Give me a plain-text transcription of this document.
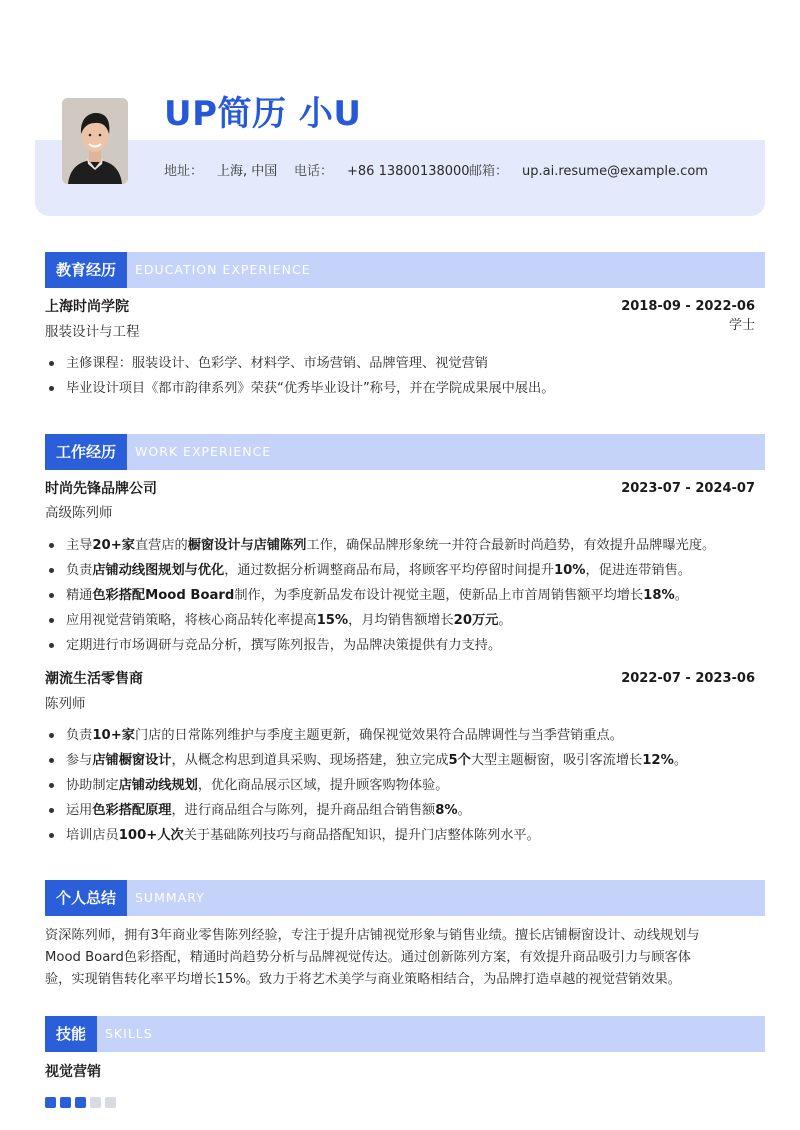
UP简历 小U
地址： 上海, 中国 电话： +86 13800138000 邮箱： up.ai.resume@example.com
教育经历	EDUCATION EXPERIENCE
上海时尚学院	2018-09 - 2022-06
服装设计与工程	学士
主修课程：服装设计、色彩学、材料学、市场营销、品牌管理、视觉营销
毕业设计项目《都市韵律系列》荣获“优秀毕业设计”称号，并在学院成果展中展出。
工作经历	WORK EXPERIENCE
时尚先锋品牌公司	2023-07 - 2024-07
高级陈列师
主导20+家直营店的橱窗设计与店铺陈列工作，确保品牌形象统一并符合最新时尚趋势，有效提升品牌曝光度。
负责店铺动线图规划与优化，通过数据分析调整商品布局，将顾客平均停留时间提升10%，促进连带销售。
精通色彩搭配Mood Board制作，为季度新品发布设计视觉主题，使新品上市首周销售额平均增长18%。
应用视觉营销策略，将核心商品转化率提高15%，月均销售额增长20万元。
定期进行市场调研与竞品分析，撰写陈列报告，为品牌决策提供有力支持。
潮流生活零售商	2022-07 - 2023-06
陈列师
负责10+家门店的日常陈列维护与季度主题更新，确保视觉效果符合品牌调性与当季营销重点。
参与店铺橱窗设计，从概念构思到道具采购、现场搭建，独立完成5个大型主题橱窗，吸引客流增长12%。
协助制定店铺动线规划，优化商品展示区域，提升顾客购物体验。
运用色彩搭配原理，进行商品组合与陈列，提升商品组合销售额8%。
培训店员100+人次关于基础陈列技巧与商品搭配知识，提升门店整体陈列水平。
个人总结	SUMMARY
资深陈列师，拥有3年商业零售陈列经验，专注于提升店铺视觉形象与销售业绩。擅长店铺橱窗设计、动线规划与
Mood Board色彩搭配，精通时尚趋势分析与品牌视觉传达。通过创新陈列方案，有效提升商品吸引力与顾客体
验，实现销售转化率平均增长15%。致力于将艺术美学与商业策略相结合，为品牌打造卓越的视觉营销效果。
技能	SKILLS
视觉营销
